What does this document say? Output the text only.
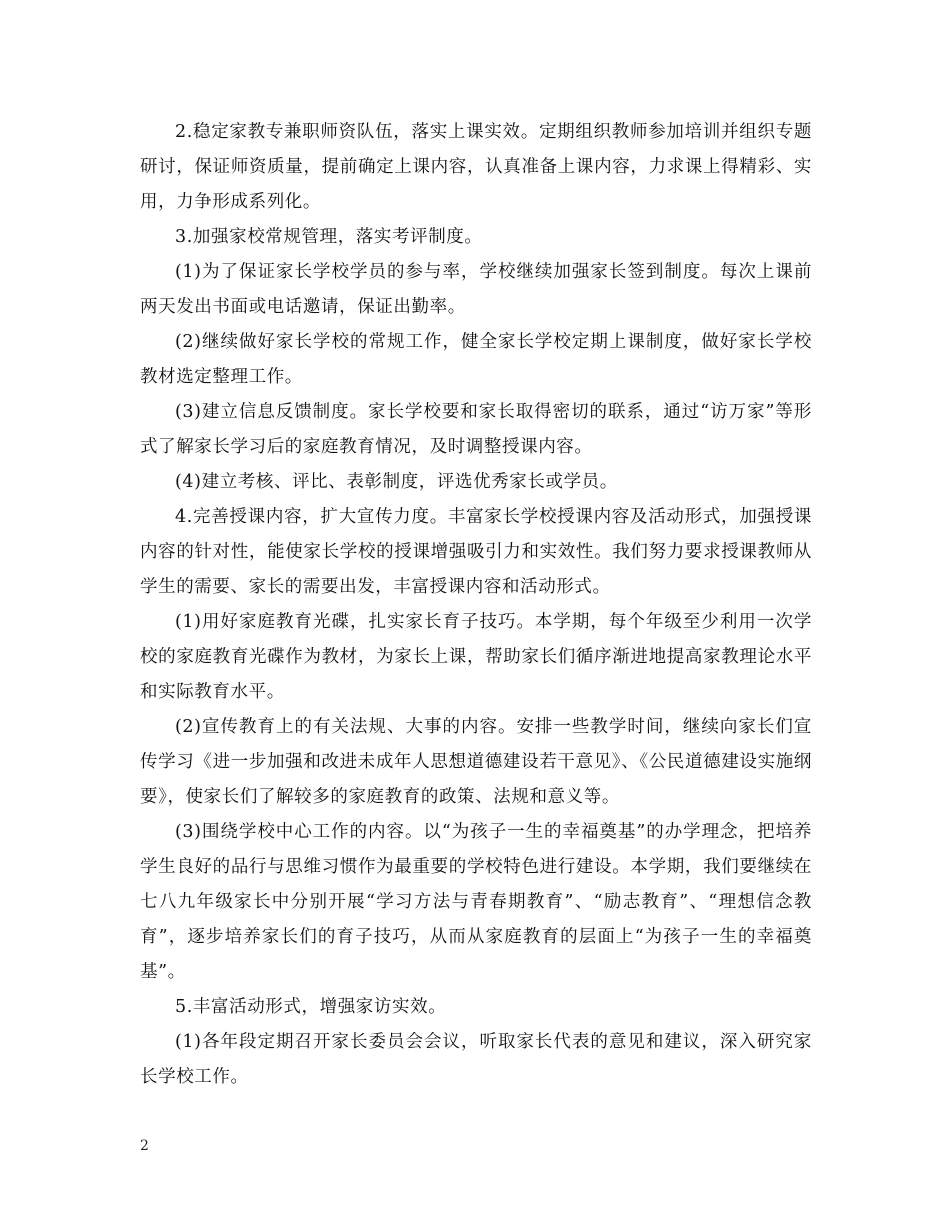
2.稳定家教专兼职师资队伍，落实上课实效。定期组织教师参加培训并组织专题研讨，保证师资质量，提前确定上课内容，认真准备上课内容，力求课上得精彩、实用，力争形成系列化。

3.加强家校常规管理，落实考评制度。

(1)为了保证家长学校学员的参与率，学校继续加强家长签到制度。每次上课前两天发出书面或电话邀请，保证出勤率。

(2)继续做好家长学校的常规工作，健全家长学校定期上课制度，做好家长学校教材选定整理工作。

(3)建立信息反馈制度。家长学校要和家长取得密切的联系，通过“访万家”等形式了解家长学习后的家庭教育情况，及时调整授课内容。

(4)建立考核、评比、表彰制度，评选优秀家长或学员。

4.完善授课内容，扩大宣传力度。丰富家长学校授课内容及活动形式，加强授课内容的针对性，能使家长学校的授课增强吸引力和实效性。我们努力要求授课教师从学生的需要、家长的需要出发，丰富授课内容和活动形式。

(1)用好家庭教育光碟，扎实家长育子技巧。本学期，每个年级至少利用一次学校的家庭教育光碟作为教材，为家长上课，帮助家长们循序渐进地提高家教理论水平和实际教育水平。

(2)宣传教育上的有关法规、大事的内容。安排一些教学时间，继续向家长们宣传学习《进一步加强和改进未成年人思想道德建设若干意见》、《公民道德建设实施纲要》，使家长们了解较多的家庭教育的政策、法规和意义等。

(3)围绕学校中心工作的内容。以“为孩子一生的幸福奠基”的办学理念，把培养学生良好的品行与思维习惯作为最重要的学校特色进行建设。本学期，我们要继续在七八九年级家长中分别开展“学习方法与青春期教育”、“励志教育”、“理想信念教育”，逐步培养家长们的育子技巧，从而从家庭教育的层面上“为孩子一生的幸福奠基”。

5.丰富活动形式，增强家访实效。

(1)各年段定期召开家长委员会会议，听取家长代表的意见和建议，深入研究家长学校工作。

2
